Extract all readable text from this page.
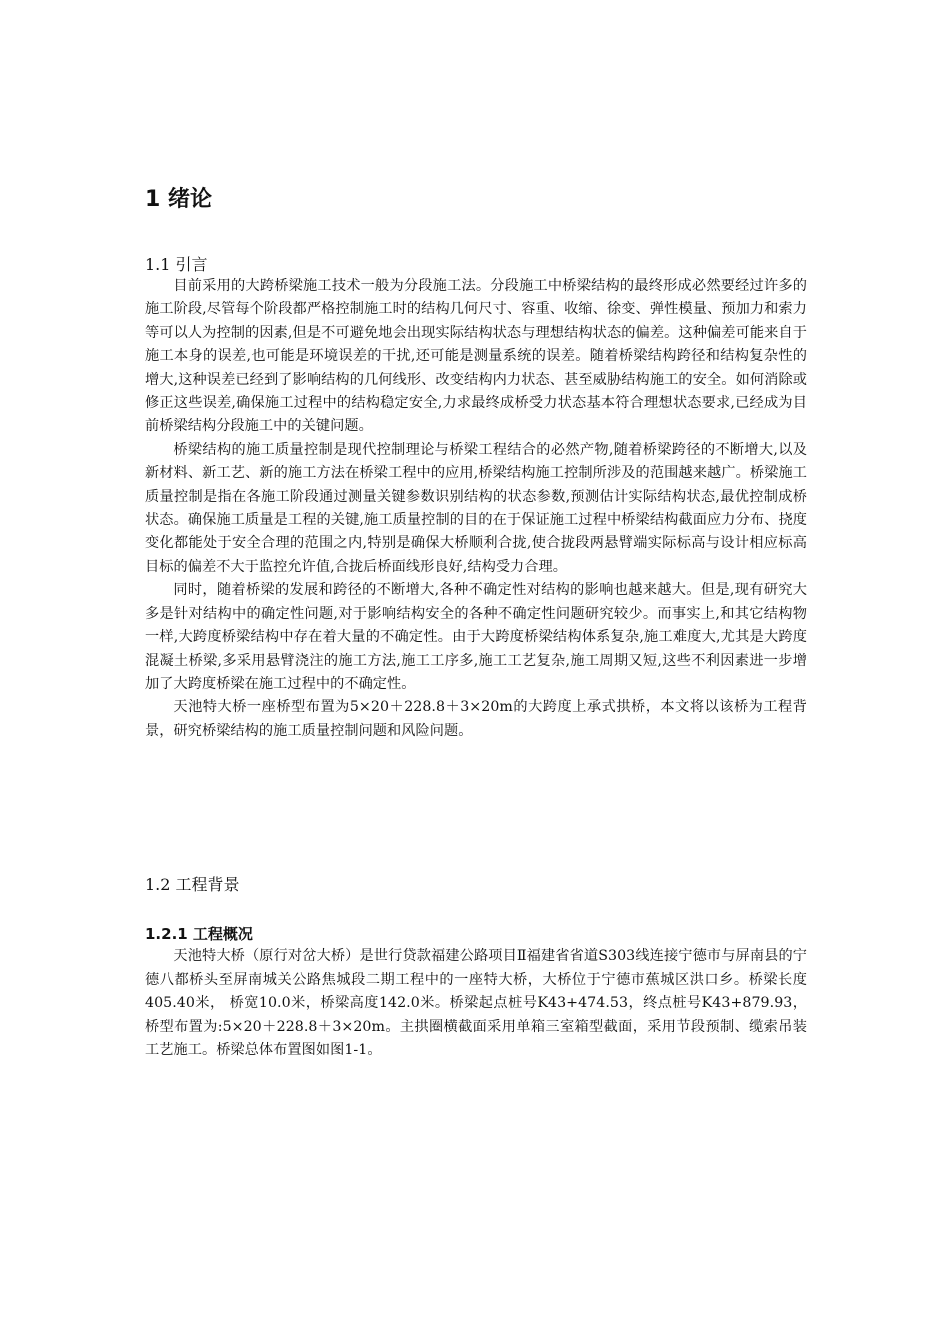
1 绪论
1.1 引言

目前采用的大跨桥梁施工技术一般为分段施工法。分段施工中桥梁结构的最终形成必然要经过许多的施工阶段,尽管每个阶段都严格控制施工时的结构几何尺寸、容重、收缩、徐变、弹性模量、预加力和索力等可以人为控制的因素,但是不可避免地会出现实际结构状态与理想结构状态的偏差。这种偏差可能来自于施工本身的误差,也可能是环境误差的干扰,还可能是测量系统的误差。随着桥梁结构跨径和结构复杂性的增大,这种误差已经到了影响结构的几何线形、改变结构内力状态、甚至威胁结构施工的安全。如何消除或修正这些误差,确保施工过程中的结构稳定安全,力求最终成桥受力状态基本符合理想状态要求,已经成为目前桥梁结构分段施工中的关键问题。

桥梁结构的施工质量控制是现代控制理论与桥梁工程结合的必然产物,随着桥梁跨径的不断增大,以及新材料、新工艺、新的施工方法在桥梁工程中的应用,桥梁结构施工控制所涉及的范围越来越广。桥梁施工质量控制是指在各施工阶段通过测量关键参数识别结构的状态参数,预测估计实际结构状态,最优控制成桥状态。确保施工质量是工程的关键,施工质量控制的目的在于保证施工过程中桥梁结构截面应力分布、挠度变化都能处于安全合理的范围之内,特别是确保大桥顺利合拢,使合拢段两悬臂端实际标高与设计相应标高目标的偏差不大于监控允许值,合拢后桥面线形良好,结构受力合理。

同时，随着桥梁的发展和跨径的不断增大,各种不确定性对结构的影响也越来越大。但是,现有研究大多是针对结构中的确定性问题,对于影响结构安全的各种不确定性问题研究较少。而事实上,和其它结构物一样,大跨度桥梁结构中存在着大量的不确定性。由于大跨度桥梁结构体系复杂,施工难度大,尤其是大跨度混凝土桥梁,多采用悬臂浇注的施工方法,施工工序多,施工工艺复杂,施工周期又短,这些不利因素进一步增加了大跨度桥梁在施工过程中的不确定性。

天池特大桥一座桥型布置为5×20＋228.8＋3×20m的大跨度上承式拱桥，本文将以该桥为工程背景，研究桥梁结构的施工质量控制问题和风险问题。

1.2 工程背景
1.2.1 工程概况

天池特大桥（原行对岔大桥）是世行贷款福建公路项目Ⅱ福建省省道S303线连接宁德市与屏南县的宁德八都桥头至屏南城关公路焦城段二期工程中的一座特大桥，大桥位于宁德市蕉城区洪口乡。桥梁长度405.40米， 桥宽10.0米，桥梁高度142.0米。桥梁起点桩号K43+474.53，终点桩号K43+879.93，桥型布置为:5×20＋228.8＋3×20m。主拱圈横截面采用单箱三室箱型截面，采用节段预制、缆索吊装工艺施工。桥梁总体布置图如图1-1。
